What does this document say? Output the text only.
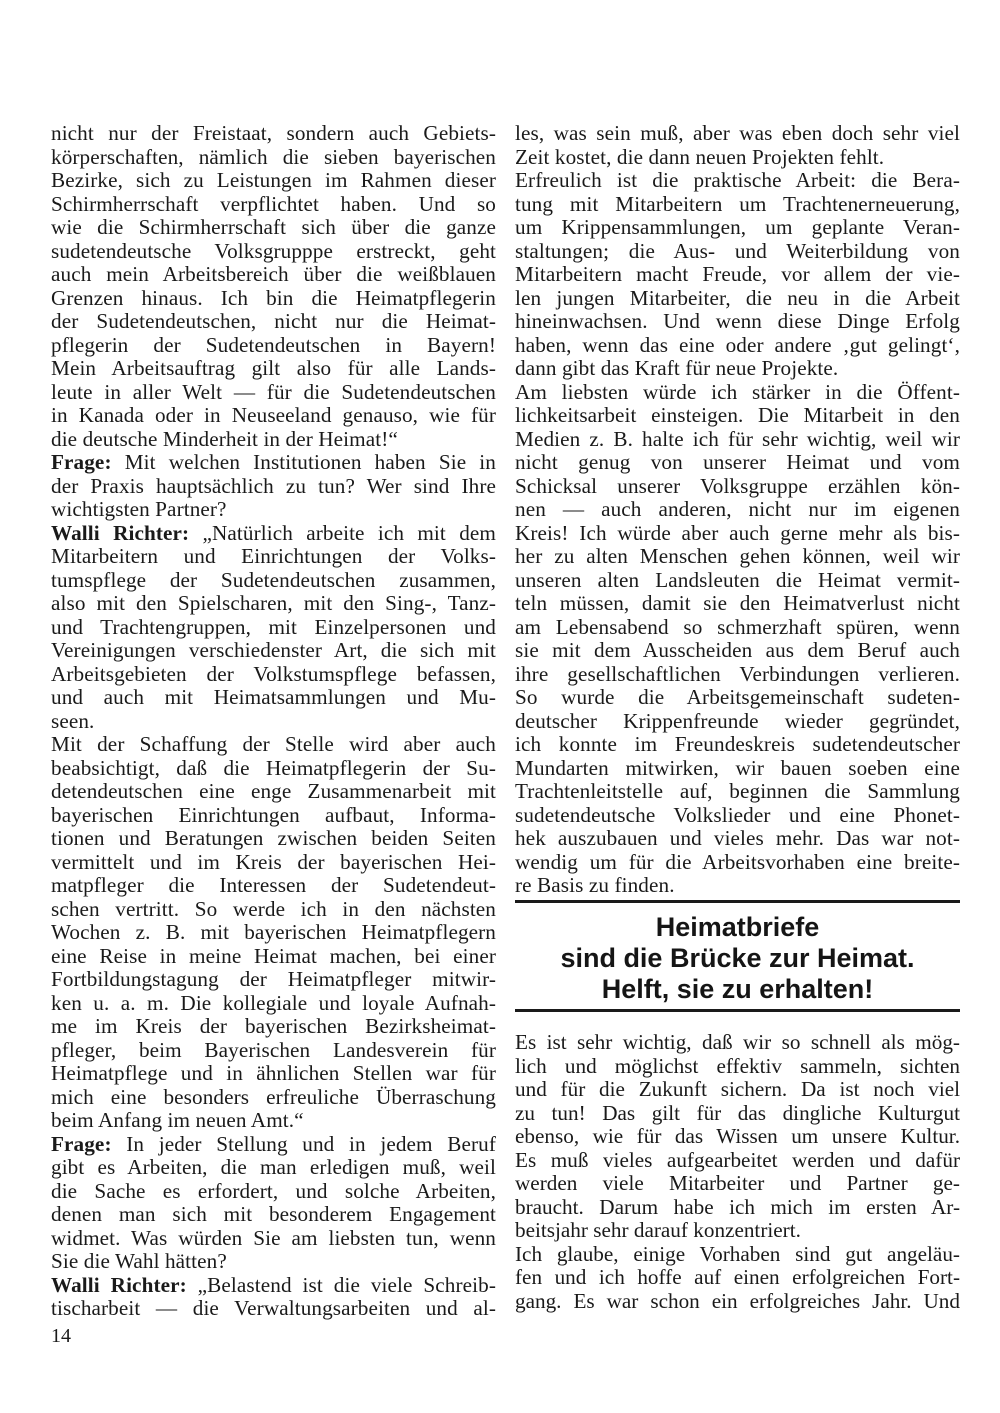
nicht nur der Freistaat, sondern auch Gebiets-
körperschaften, nämlich die sieben bayerischen
Bezirke, sich zu Leistungen im Rahmen dieser
Schirmherrschaft verpflichtet haben. Und so
wie die Schirmherrschaft sich über die ganze
sudetendeutsche Volksgrupppe erstreckt, geht
auch mein Arbeitsbereich über die weißblauen
Grenzen hinaus. Ich bin die Heimatpflegerin
der Sudetendeutschen, nicht nur die Heimat-
pflegerin der Sudetendeutschen in Bayern!
Mein Arbeitsauftrag gilt also für alle Lands-
leute in aller Welt — für die Sudetendeutschen
in Kanada oder in Neuseeland genauso, wie für
die deutsche Minderheit in der Heimat!“
Frage: Mit welchen Institutionen haben Sie in
der Praxis hauptsächlich zu tun? Wer sind Ihre
wichtigsten Partner?
Walli Richter: „Natürlich arbeite ich mit dem
Mitarbeitern und Einrichtungen der Volks-
tumspflege der Sudetendeutschen zusammen,
also mit den Spielscharen, mit den Sing-, Tanz-
und Trachtengruppen, mit Einzelpersonen und
Vereinigungen verschiedenster Art, die sich mit
Arbeitsgebieten der Volkstumspflege befassen,
und auch mit Heimatsammlungen und Mu-
seen.
Mit der Schaffung der Stelle wird aber auch
beabsichtigt, daß die Heimatpflegerin der Su-
detendeutschen eine enge Zusammenarbeit mit
bayerischen Einrichtungen aufbaut, Informa-
tionen und Beratungen zwischen beiden Seiten
vermittelt und im Kreis der bayerischen Hei-
matpfleger die Interessen der Sudetendeut-
schen vertritt. So werde ich in den nächsten
Wochen z. B. mit bayerischen Heimatpflegern
eine Reise in meine Heimat machen, bei einer
Fortbildungstagung der Heimatpfleger mitwir-
ken u. a. m. Die kollegiale und loyale Aufnah-
me im Kreis der bayerischen Bezirksheimat-
pfleger, beim Bayerischen Landesverein für
Heimatpflege und in ähnlichen Stellen war für
mich eine besonders erfreuliche Überraschung
beim Anfang im neuen Amt.“
Frage: In jeder Stellung und in jedem Beruf
gibt es Arbeiten, die man erledigen muß, weil
die Sache es erfordert, und solche Arbeiten,
denen man sich mit besonderem Engagement
widmet. Was würden Sie am liebsten tun, wenn
Sie die Wahl hätten?
Walli Richter: „Belastend ist die viele Schreib-
tischarbeit — die Verwaltungsarbeiten und al-
les, was sein muß, aber was eben doch sehr viel
Zeit kostet, die dann neuen Projekten fehlt.
Erfreulich ist die praktische Arbeit: die Bera-
tung mit Mitarbeitern um Trachtenerneuerung,
um Krippensammlungen, um geplante Veran-
staltungen; die Aus- und Weiterbildung von
Mitarbeitern macht Freude, vor allem der vie-
len jungen Mitarbeiter, die neu in die Arbeit
hineinwachsen. Und wenn diese Dinge Erfolg
haben, wenn das eine oder andere ‚gut gelingt‘,
dann gibt das Kraft für neue Projekte.
Am liebsten würde ich stärker in die Öffent-
lichkeitsarbeit einsteigen. Die Mitarbeit in den
Medien z. B. halte ich für sehr wichtig, weil wir
nicht genug von unserer Heimat und vom
Schicksal unserer Volksgruppe erzählen kön-
nen — auch anderen, nicht nur im eigenen
Kreis! Ich würde aber auch gerne mehr als bis-
her zu alten Menschen gehen können, weil wir
unseren alten Landsleuten die Heimat vermit-
teln müssen, damit sie den Heimatverlust nicht
am Lebensabend so schmerzhaft spüren, wenn
sie mit dem Ausscheiden aus dem Beruf auch
ihre gesellschaftlichen Verbindungen verlieren.
So wurde die Arbeitsgemeinschaft sudeten-
deutscher Krippenfreunde wieder gegründet,
ich konnte im Freundeskreis sudetendeutscher
Mundarten mitwirken, wir bauen soeben eine
Trachtenleitstelle auf, beginnen die Sammlung
sudetendeutsche Volkslieder und eine Phonet-
hek auszubauen und vieles mehr. Das war not-
wendig um für die Arbeitsvorhaben eine breite-
re Basis zu finden.
Heimatbriefe
sind die Brücke zur Heimat.
Helft, sie zu erhalten!
Es ist sehr wichtig, daß wir so schnell als mög-
lich und möglichst effektiv sammeln, sichten
und für die Zukunft sichern. Da ist noch viel
zu tun! Das gilt für das dingliche Kulturgut
ebenso, wie für das Wissen um unsere Kultur.
Es muß vieles aufgearbeitet werden und dafür
werden viele Mitarbeiter und Partner ge-
braucht. Darum habe ich mich im ersten Ar-
beitsjahr sehr darauf konzentriert.
Ich glaube, einige Vorhaben sind gut angeläu-
fen und ich hoffe auf einen erfolgreichen Fort-
gang. Es war schon ein erfolgreiches Jahr. Und
14
